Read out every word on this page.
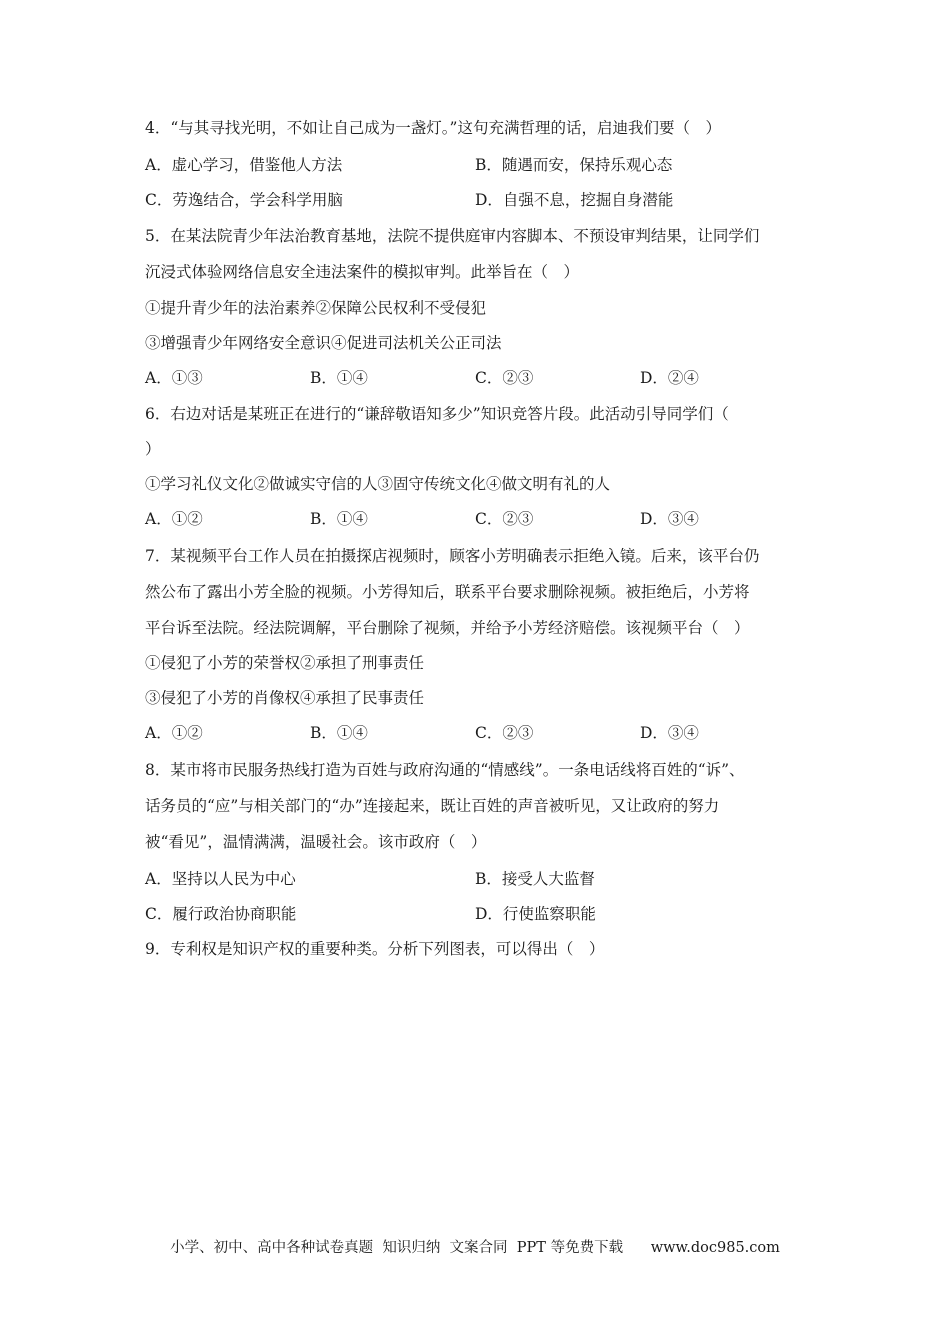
4．“与其寻找光明，不如让自己成为一盏灯。”这句充满哲理的话，启迪我们要（　）
A．虚心学习，借鉴他人方法	B．随遇而安，保持乐观心态
C．劳逸结合，学会科学用脑	D．自强不息，挖掘自身潜能
5．在某法院青少年法治教育基地，法院不提供庭审内容脚本、不预设审判结果，让同学们
沉浸式体验网络信息安全违法案件的模拟审判。此举旨在（　）
①提升青少年的法治素养②保障公民权利不受侵犯
③增强青少年网络安全意识④促进司法机关公正司法
A．①③	B．①④	C．②③	D．②④
6．右边对话是某班正在进行的“谦辞敬语知多少”知识竞答片段。此活动引导同学们（
）
①学习礼仪文化②做诚实守信的人③固守传统文化④做文明有礼的人
A．①②	B．①④	C．②③	D．③④
7．某视频平台工作人员在拍摄探店视频时，顾客小芳明确表示拒绝入镜。后来，该平台仍
然公布了露出小芳全脸的视频。小芳得知后，联系平台要求删除视频。被拒绝后，小芳将
平台诉至法院。经法院调解，平台删除了视频，并给予小芳经济赔偿。该视频平台（　）
①侵犯了小芳的荣誉权②承担了刑事责任
③侵犯了小芳的肖像权④承担了民事责任
A．①②	B．①④	C．②③	D．③④
8．某市将市民服务热线打造为百姓与政府沟通的“情感线”。一条电话线将百姓的“诉”、
话务员的“应”与相关部门的“办”连接起来，既让百姓的声音被听见，又让政府的努力
被“看见”，温情满满，温暖社会。该市政府（　）
A．坚持以人民为中心	B．接受人大监督
C．履行政治协商职能	D．行使监察职能
9．专利权是知识产权的重要种类。分析下列图表，可以得出（　）
小学、初中、高中各种试卷真题  知识归纳  文案合同  PPT 等免费下载 www.doc985.com
